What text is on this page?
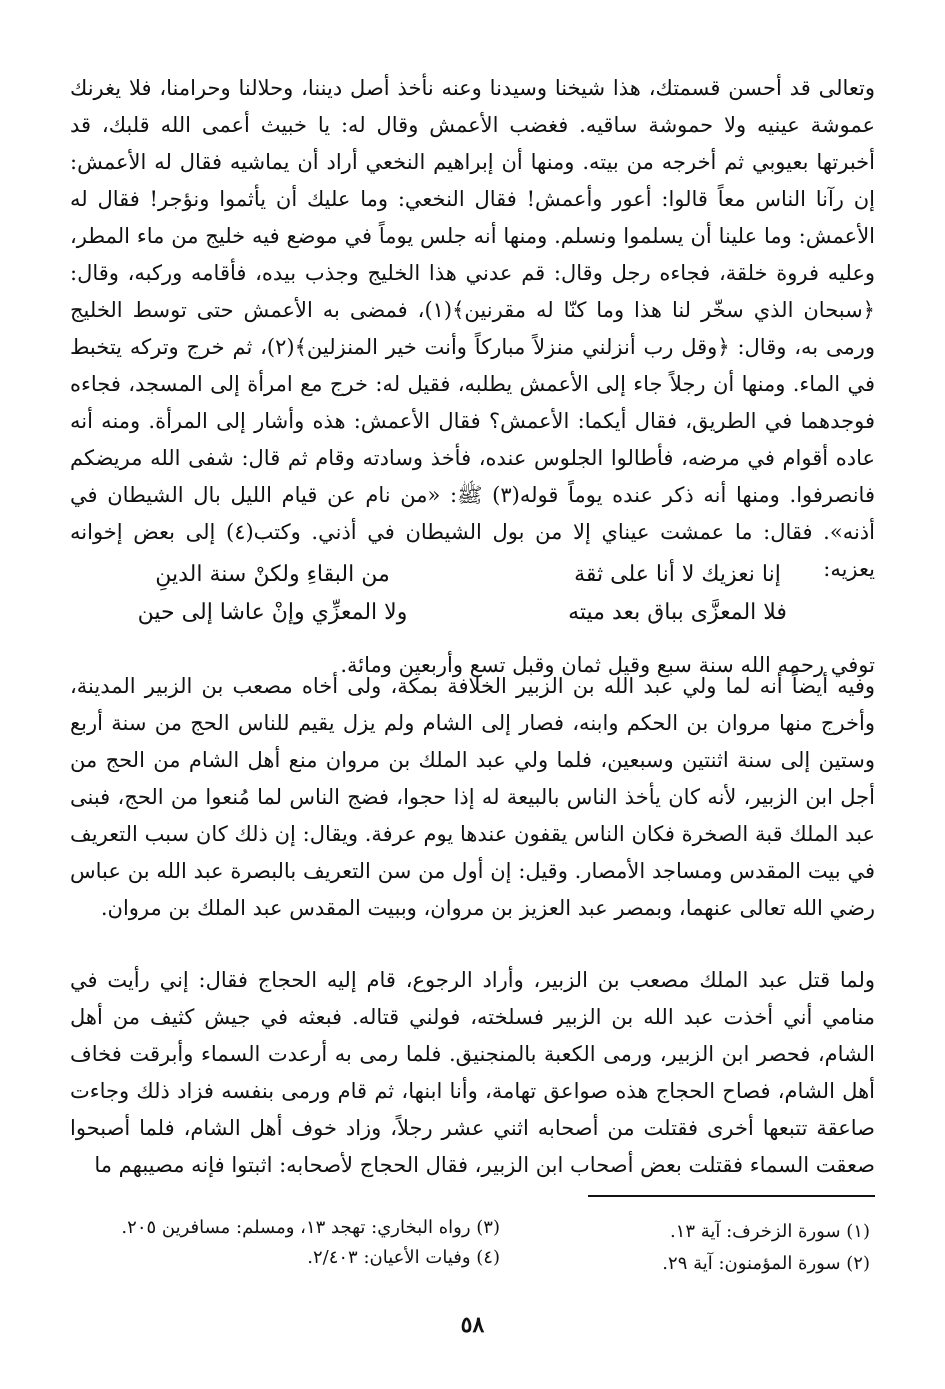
وتعالى قد أحسن قسمتك، هذا شيخنا وسيدنا وعنه نأخذ أصل ديننا، وحلالنا وحرامنا، فلا يغرنك عموشة عينيه ولا حموشة ساقيه. فغضب الأعمش وقال له: يا خبيث أعمى الله قلبك، قد أخبرتها بعيوبي ثم أخرجه من بيته. ومنها أن إبراهيم النخعي أراد أن يماشيه فقال له الأعمش: إن رآنا الناس معاً قالوا: أعور وأعمش! فقال النخعي: وما عليك أن يأثموا ونؤجر! فقال له الأعمش: وما علينا أن يسلموا ونسلم. ومنها أنه جلس يوماً في موضع فيه خليج من ماء المطر، وعليه فروة خلقة، فجاءه رجل وقال: قم عدني هذا الخليج وجذب بيده، فأقامه وركبه، وقال: ﴿سبحان الذي سخّر لنا هذا وما كنّا له مقرنين﴾(١)، فمضى به الأعمش حتى توسط الخليج ورمى به، وقال: ﴿وقل رب أنزلني منزلاً مباركاً وأنت خير المنزلين﴾(٢)، ثم خرج وتركه يتخبط في الماء. ومنها أن رجلاً جاء إلى الأعمش يطلبه، فقيل له: خرج مع امرأة إلى المسجد، فجاءه فوجدهما في الطريق، فقال أيكما: الأعمش؟ فقال الأعمش: هذه وأشار إلى المرأة. ومنه أنه عاده أقوام في مرضه، فأطالوا الجلوس عنده، فأخذ وسادته وقام ثم قال: شفى الله مريضكم فانصرفوا. ومنها أنه ذكر عنده يوماً قوله(٣) ﷺ: «من نام عن قيام الليل بال الشيطان في أذنه». فقال: ما عمشت عيناي إلا من بول الشيطان في أذني. وكتب(٤) إلى بعض إخوانه يعزيه:

إنا نعزيك لا أنا على ثقة
من البقاءِ ولكنْ سنة الدينِ
فلا المعزَّى بباق بعد ميته
ولا المعزِّي وإنْ عاشا إلى حين

توفي رحمه الله سنة سبع وقيل ثمان وقبل تسع وأربعين ومائة.

وفيه أيضاً أنه لما ولي عبد الله بن الزبير الخلافة بمكة، ولى أخاه مصعب بن الزبير المدينة، وأخرج منها مروان بن الحكم وابنه، فصار إلى الشام ولم يزل يقيم للناس الحج من سنة أربع وستين إلى سنة اثنتين وسبعين، فلما ولي عبد الملك بن مروان منع أهل الشام من الحج من أجل ابن الزبير، لأنه كان يأخذ الناس بالبيعة له إذا حجوا، فضج الناس لما مُنعوا من الحج، فبنى عبد الملك قبة الصخرة فكان الناس يقفون عندها يوم عرفة. ويقال: إن ذلك كان سبب التعريف في بيت المقدس ومساجد الأمصار. وقيل: إن أول من سن التعريف بالبصرة عبد الله بن عباس رضي الله تعالى عنهما، وبمصر عبد العزيز بن مروان، وببيت المقدس عبد الملك بن مروان.

ولما قتل عبد الملك مصعب بن الزبير، وأراد الرجوع، قام إليه الحجاج فقال: إني رأيت في منامي أني أخذت عبد الله بن الزبير فسلخته، فولني قتاله. فبعثه في جيش كثيف من أهل الشام، فحصر ابن الزبير، ورمى الكعبة بالمنجنيق. فلما رمى به أرعدت السماء وأبرقت فخاف أهل الشام، فصاح الحجاج هذه صواعق تهامة، وأنا ابنها، ثم قام ورمى بنفسه فزاد ذلك وجاءت صاعقة تتبعها أخرى فقتلت من أصحابه اثني عشر رجلاً، وزاد خوف أهل الشام، فلما أصبحوا صعقت السماء فقتلت بعض أصحاب ابن الزبير، فقال الحجاج لأصحابه: اثبتوا فإنه مصيبهم ما

(١) سورة الزخرف: آية ١٣.
(٢) سورة المؤمنون: آية ٢٩.
(٣) رواه البخاري: تهجد ١٣، ومسلم: مسافرين ٢٠٥.
(٤) وفيات الأعيان: ٢/٤٠٣.
٥٨
